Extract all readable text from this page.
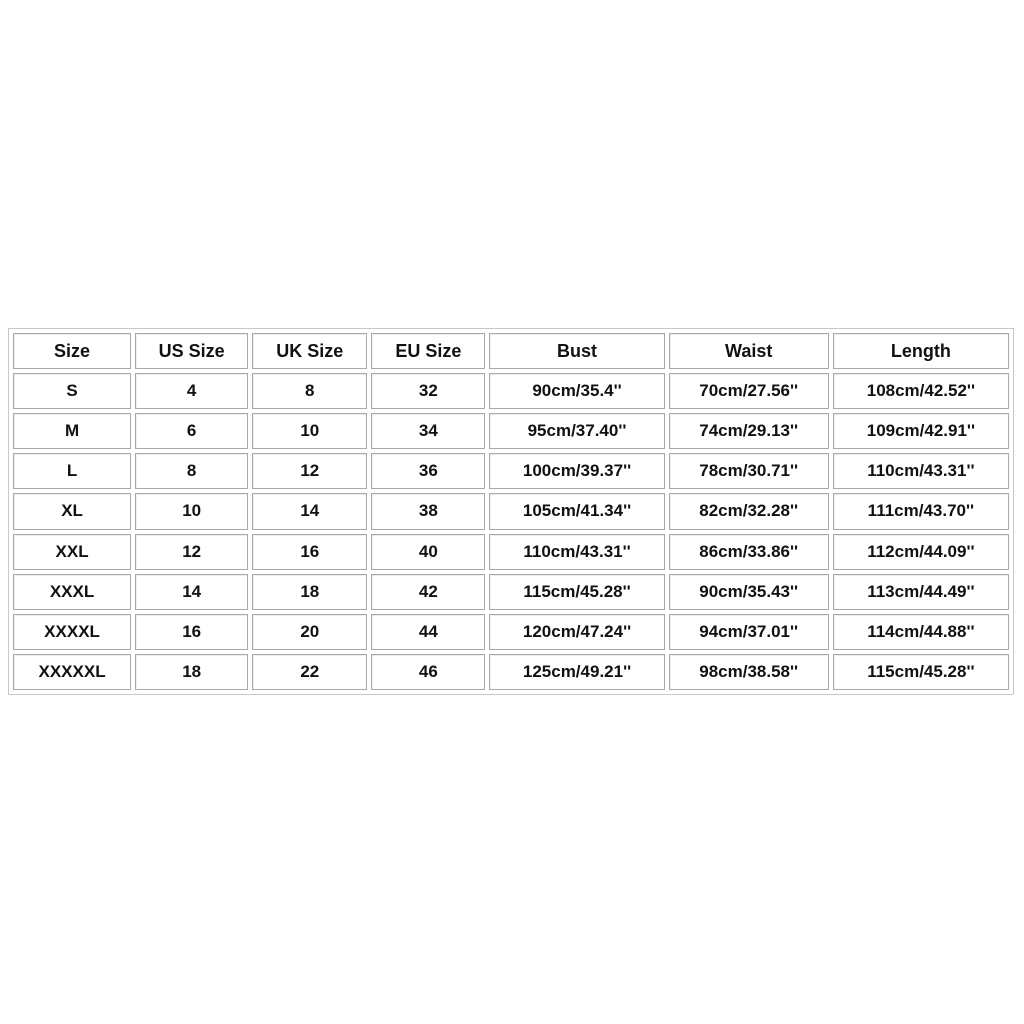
Size	US Size	UK Size	EU Size	Bust	Waist	Length
S	4	8	32	90cm/35.4''	70cm/27.56''	108cm/42.52''
M	6	10	34	95cm/37.40''	74cm/29.13''	109cm/42.91''
L	8	12	36	100cm/39.37''	78cm/30.71''	110cm/43.31''
XL	10	14	38	105cm/41.34''	82cm/32.28''	111cm/43.70''
XXL	12	16	40	110cm/43.31''	86cm/33.86''	112cm/44.09''
XXXL	14	18	42	115cm/45.28''	90cm/35.43''	113cm/44.49''
XXXXL	16	20	44	120cm/47.24''	94cm/37.01''	114cm/44.88''
XXXXXL	18	22	46	125cm/49.21''	98cm/38.58''	115cm/45.28''
